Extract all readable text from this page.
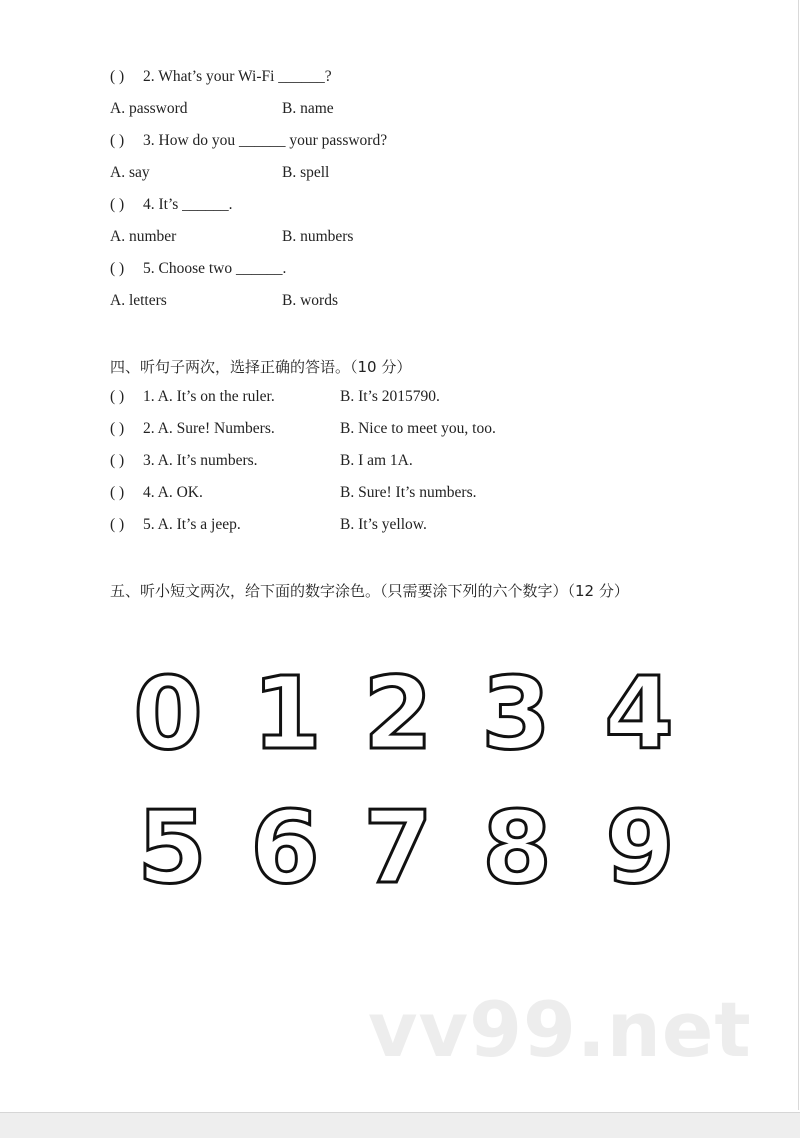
( ) 2. What’s your Wi-Fi ______?
A. password	B. name
( ) 3. How do you ______ your password?
A. say	B. spell
( ) 4. It’s ______.
A. number	B. numbers
( ) 5. Choose two ______.
A. letters	B. words
四、听句子两次，选择正确的答语。（10 分）
( ) 1. A. It’s on the ruler.	B. It’s 2015790.
( ) 2. A. Sure! Numbers.	B. Nice to meet you, too.
( ) 3. A. It’s numbers.	B. I am 1A.
( ) 4. A. OK.	B. Sure! It’s numbers.
( ) 5. A. It’s a jeep.	B. It’s yellow.
五、听小短文两次，给下面的数字涂色。（只需要涂下列的六个数字）（12 分）
0 1 2 3 4
5 6 7 8 9
vv99.net
